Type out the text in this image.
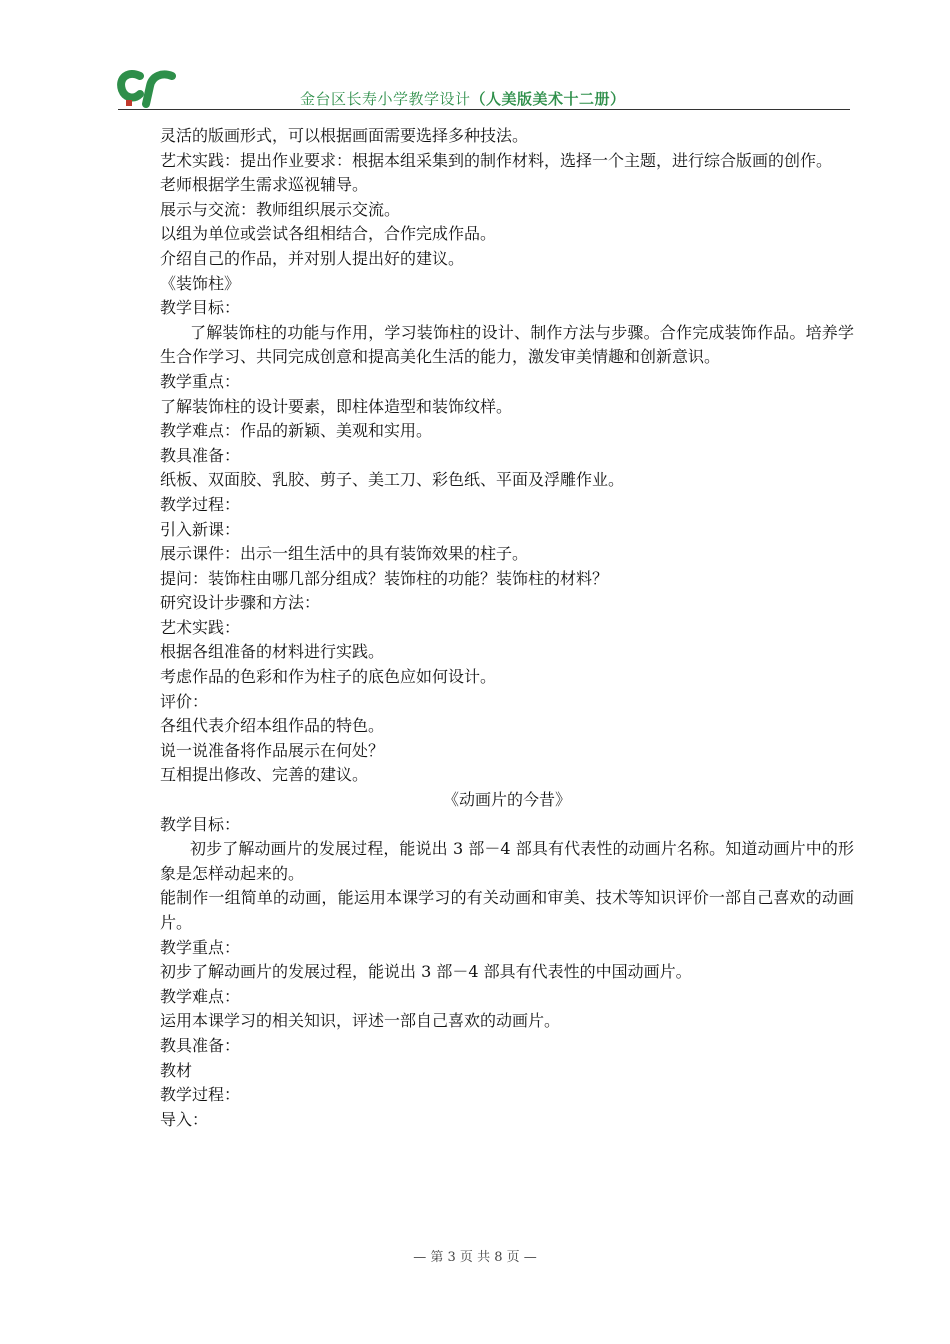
金台区长寿小学教学设计（人美版美术十二册）
灵活的版画形式，可以根据画面需要选择多种技法。
艺术实践：提出作业要求：根据本组采集到的制作材料，选择一个主题，进行综合版画的创作。
老师根据学生需求巡视辅导。
展示与交流：教师组织展示交流。
以组为单位或尝试各组相结合，合作完成作品。
介绍自己的作品，并对别人提出好的建议。
《装饰柱》
教学目标：
了解装饰柱的功能与作用，学习装饰柱的设计、制作方法与步骤。合作完成装饰作品。培养学生合作学习、共同完成创意和提高美化生活的能力，激发审美情趣和创新意识。
教学重点：
了解装饰柱的设计要素，即柱体造型和装饰纹样。
教学难点：作品的新颖、美观和实用。
教具准备：
纸板、双面胶、乳胶、剪子、美工刀、彩色纸、平面及浮雕作业。
教学过程：
引入新课：
展示课件：出示一组生活中的具有装饰效果的柱子。
提问：装饰柱由哪几部分组成？装饰柱的功能？装饰柱的材料？
研究设计步骤和方法：
艺术实践：
根据各组准备的材料进行实践。
考虑作品的色彩和作为柱子的底色应如何设计。
评价：
各组代表介绍本组作品的特色。
说一说准备将作品展示在何处？
互相提出修改、完善的建议。
《动画片的今昔》
教学目标：
初步了解动画片的发展过程，能说出 3 部－4 部具有代表性的动画片名称。知道动画片中的形象是怎样动起来的。
能制作一组简单的动画，能运用本课学习的有关动画和审美、技术等知识评价一部自己喜欢的动画片。
教学重点：
初步了解动画片的发展过程，能说出 3 部－4 部具有代表性的中国动画片。
教学难点：
运用本课学习的相关知识，评述一部自己喜欢的动画片。
教具准备：
教材
教学过程：
导入：
— 第 3 页 共 8 页 —
